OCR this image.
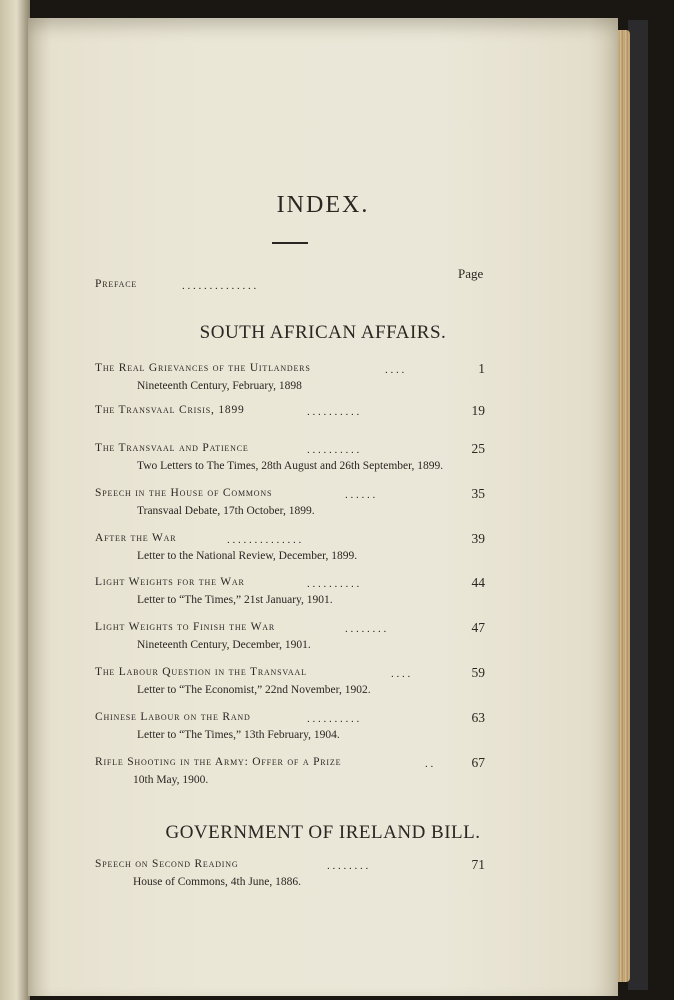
INDEX.
Page
Preface	. . . . . . . . . . . . . .
SOUTH AFRICAN AFFAIRS.
The Real Grievances of the Uitlanders	. . . .	1
Nineteenth Century, February, 1898
The Transvaal Crisis, 1899	. . . . . . . . . .	19
The Transvaal and Patience	. . . . . . . . . .	25
Two Letters to The Times, 28th August and 26th September, 1899.
Speech in the House of Commons	. . . . . .	35
Transvaal Debate, 17th October, 1899.
After the War	. . . . . . . . . . . . . .	39
Letter to the National Review, December, 1899.
Light Weights for the War	. . . . . . . . . .	44
Letter to “The Times,” 21st January, 1901.
Light Weights to Finish the War	. . . . . . . .	47
Nineteenth Century, December, 1901.
The Labour Question in the Transvaal	. . . .	59
Letter to “The Economist,” 22nd November, 1902.
Chinese Labour on the Rand	. . . . . . . . . .	63
Letter to “The Times,” 13th February, 1904.
Rifle Shooting in the Army: Offer of a Prize	. .	67
10th May, 1900.
GOVERNMENT OF IRELAND BILL.
Speech on Second Reading	. . . . . . . .	71
House of Commons, 4th June, 1886.
